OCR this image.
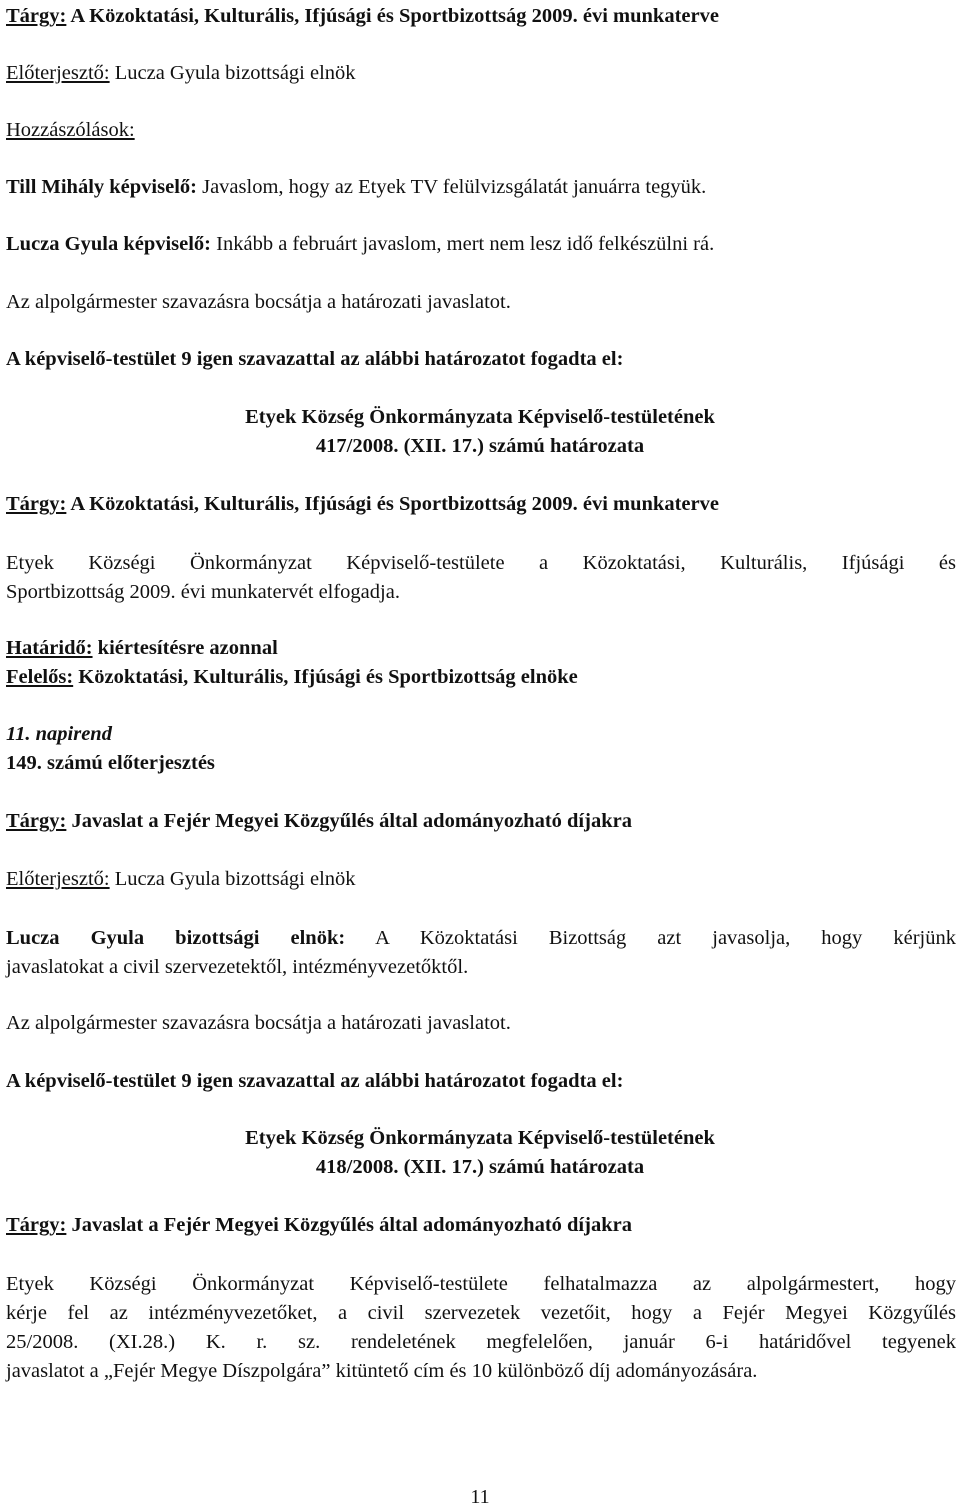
Tárgy: A Közoktatási, Kulturális, Ifjúsági és Sportbizottság 2009. évi munkaterve
Előterjesztő: Lucza Gyula bizottsági elnök
Hozzászólások:
Till Mihály képviselő: Javaslom, hogy az Etyek TV felülvizsgálatát januárra tegyük.
Lucza Gyula képviselő: Inkább a februárt javaslom, mert nem lesz idő felkészülni rá.
Az alpolgármester szavazásra bocsátja a határozati javaslatot.
A képviselő-testület 9 igen szavazattal az alábbi határozatot fogadta el:
Etyek Község Önkormányzata Képviselő-testületének
417/2008. (XII. 17.) számú határozata
Tárgy: A Közoktatási, Kulturális, Ifjúsági és Sportbizottság 2009. évi munkaterve
Etyek Községi Önkormányzat Képviselő-testülete a Közoktatási, Kulturális, Ifjúsági és
Sportbizottság 2009. évi munkatervét elfogadja.
Határidő: kiértesítésre azonnal
Felelős: Közoktatási, Kulturális, Ifjúsági és Sportbizottság elnöke
11. napirend
149. számú előterjesztés
Tárgy: Javaslat a Fejér Megyei Közgyűlés által adományozható díjakra
Előterjesztő: Lucza Gyula bizottsági elnök
Lucza Gyula bizottsági elnök: A Közoktatási Bizottság azt javasolja, hogy kérjünk
javaslatokat a civil szervezetektől, intézményvezetőktől.
Az alpolgármester szavazásra bocsátja a határozati javaslatot.
A képviselő-testület 9 igen szavazattal az alábbi határozatot fogadta el:
Etyek Község Önkormányzata Képviselő-testületének
418/2008. (XII. 17.) számú határozata
Tárgy: Javaslat a Fejér Megyei Közgyűlés által adományozható díjakra
Etyek Községi Önkormányzat Képviselő-testülete felhatalmazza az alpolgármestert, hogy
kérje fel az intézményvezetőket, a civil szervezetek vezetőit, hogy a Fejér Megyei Közgyűlés
25/2008. (XI.28.) K. r. sz. rendeletének megfelelően, január 6-i határidővel tegyenek
javaslatot a „Fejér Megye Díszpolgára” kitüntető cím és 10 különböző díj adományozására.
11
